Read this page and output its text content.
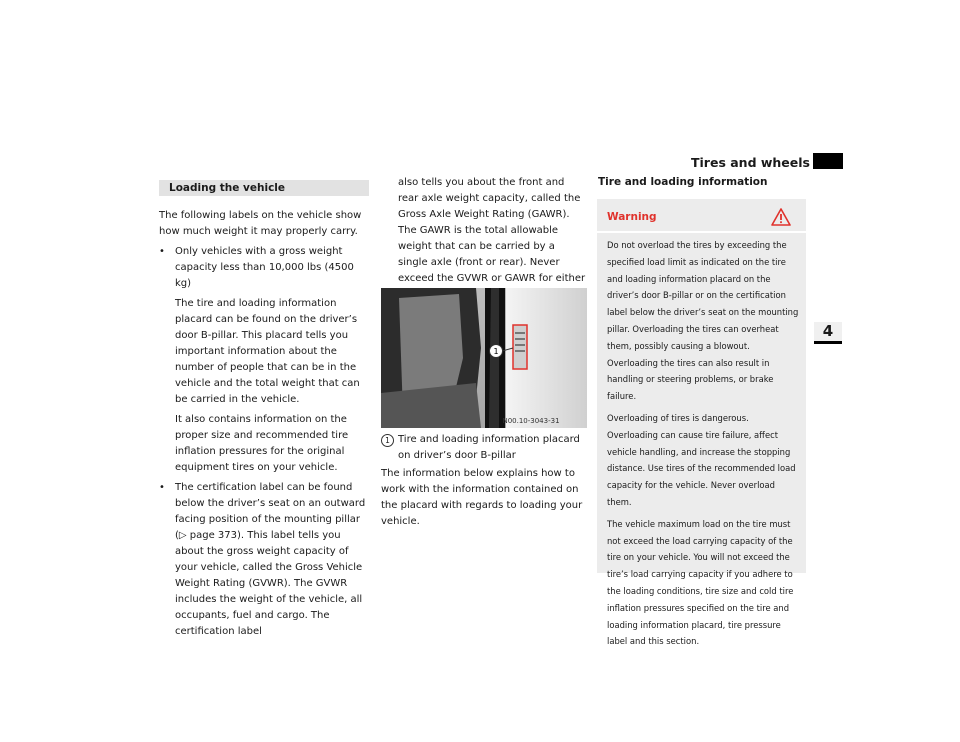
Tires and wheels
4
Loading the vehicle

The following labels on the vehicle show how much weight it may properly carry.

• Only vehicles with a gross weight capacity less than 10,000 lbs (4500 kg)

The tire and loading information placard can be found on the driver’s door B-pillar. This placard tells you important information about the number of people that can be in the vehicle and the total weight that can be carried in the vehicle.

It also contains information on the proper size and recommended tire inflation pressures for the original equipment tires on your vehicle.

• The certification label can be found below the driver’s seat on an outward facing position of the mounting pillar (▷ page 373). This label tells you about the gross weight capacity of your vehicle, called the Gross Vehicle Weight Rating (GVWR). The GVWR includes the weight of the vehicle, all occupants, fuel and cargo. The certification label

also tells you about the front and rear axle weight capacity, called the Gross Axle Weight Rating (GAWR). The GAWR is the total allowable weight that can be carried by a single axle (front or rear). Never exceed the GVWR or GAWR for either

1
N00.10-3043-31
1 Tire and loading information placard on driver’s door B-pillar
The information below explains how to work with the information contained on the placard with regards to loading your vehicle.
Tire and loading information
Warning

Do not overload the tires by exceeding the specified load limit as indicated on the tire and loading information placard on the driver’s door B-pillar or on the certification label below the driver’s seat on the mounting pillar. Overloading the tires can overheat them, possibly causing a blowout. Overloading the tires can also result in handling or steering problems, or brake failure.

Overloading of tires is dangerous. Overloading can cause tire failure, affect vehicle handling, and increase the stopping distance. Use tires of the recommended load capacity for the vehicle. Never overload them.

The vehicle maximum load on the tire must not exceed the load carrying capacity of the tire on your vehicle. You will not exceed the tire’s load carrying capacity if you adhere to the loading conditions, tire size and cold tire inflation pressures specified on the tire and loading information placard, tire pressure label and this section.
